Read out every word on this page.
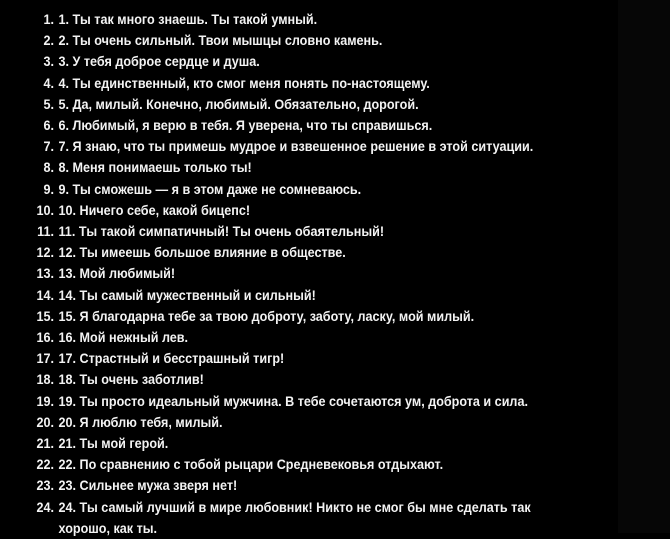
1. 1. Ты так много знаешь. Ты такой умный.
2. 2. Ты очень сильный. Твои мышцы словно камень.
3. 3. У тебя доброе сердце и душа.
4. 4. Ты единственный, кто смог меня понять по-настоящему.
5. 5. Да, милый. Конечно, любимый. Обязательно, дорогой.
6. 6. Любимый, я верю в тебя. Я уверена, что ты справишься.
7. 7. Я знаю, что ты примешь мудрое и взвешенное решение в этой ситуации.
8. 8. Меня понимаешь только ты!
9. 9. Ты сможешь — я в этом даже не сомневаюсь.
10. 10. Ничего себе, какой бицепс!
11. 11. Ты такой симпатичный! Ты очень обаятельный!
12. 12. Ты имеешь большое влияние в обществе.
13. 13. Мой любимый!
14. 14. Ты самый мужественный и сильный!
15. 15. Я благодарна тебе за твою доброту, заботу, ласку, мой милый.
16. 16. Мой нежный лев.
17. 17. Страстный и бесстрашный тигр!
18. 18. Ты очень заботлив!
19. 19. Ты просто идеальный мужчина. В тебе сочетаются ум, доброта и сила.
20. 20. Я люблю тебя, милый.
21. 21. Ты мой герой.
22. 22. По сравнению с тобой рыцари Средневековья отдыхают.
23. 23. Сильнее мужа зверя нет!
24. 24. Ты самый лучший в мире любовник! Никто не смог бы мне сделать так хорошо, как ты.
